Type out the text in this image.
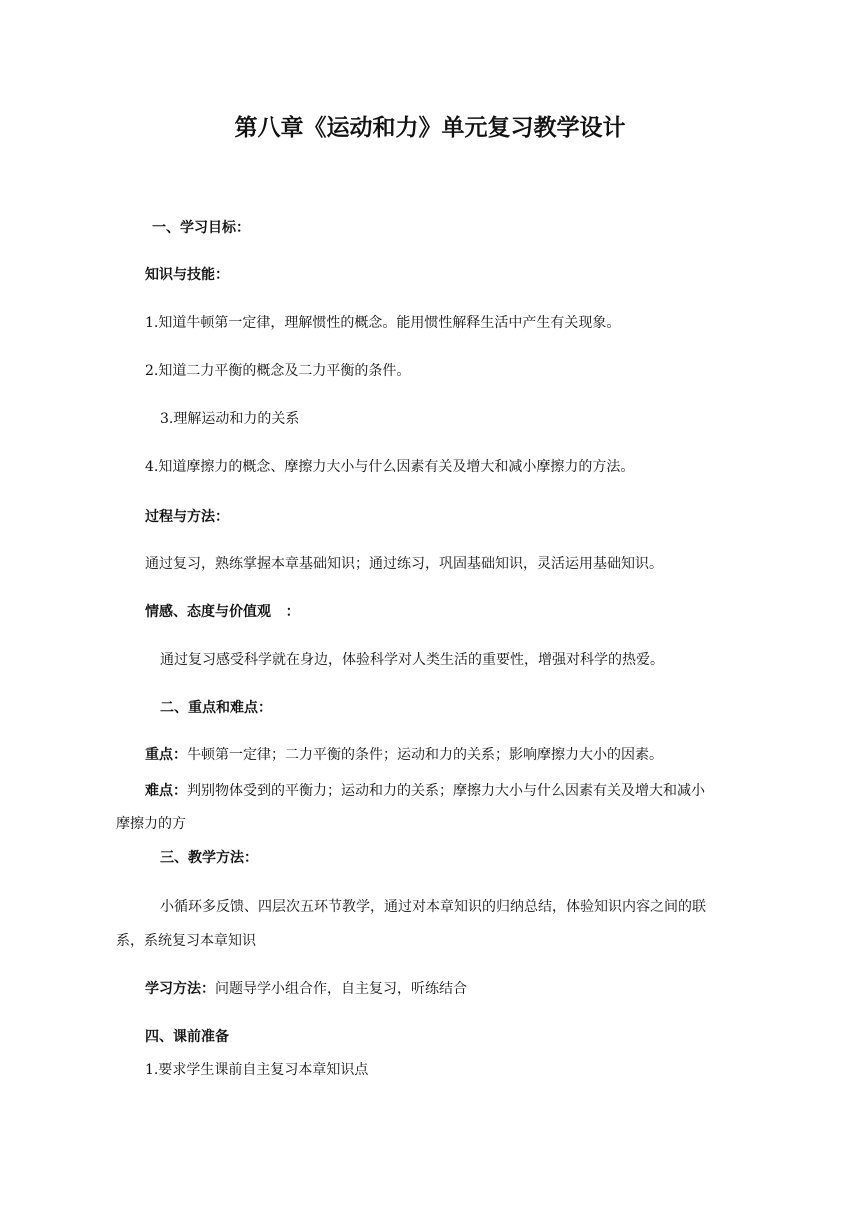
第八章《运动和力》单元复习教学设计
一、学习目标：
知识与技能：
1.知道牛顿第一定律，理解惯性的概念。能用惯性解释生活中产生有关现象。
2.知道二力平衡的概念及二力平衡的条件。
3.理解运动和力的关系
4.知道摩擦力的概念、摩擦力大小与什么因素有关及增大和减小摩擦力的方法。
过程与方法：
通过复习，熟练掌握本章基础知识；通过练习，巩固基础知识，灵活运用基础知识。
情感、态度与价值观   ：
通过复习感受科学就在身边，体验科学对人类生活的重要性，增强对科学的热爱。
二、重点和难点：
重点：牛顿第一定律；二力平衡的条件；运动和力的关系；影响摩擦力大小的因素。
难点：判别物体受到的平衡力；运动和力的关系；摩擦力大小与什么因素有关及增大和减小
摩擦力的方
三、教学方法：
小循环多反馈、四层次五环节教学，通过对本章知识的归纳总结，体验知识内容之间的联
系，系统复习本章知识
学习方法：问题导学小组合作，自主复习，听练结合
四、课前准备
1.要求学生课前自主复习本章知识点
